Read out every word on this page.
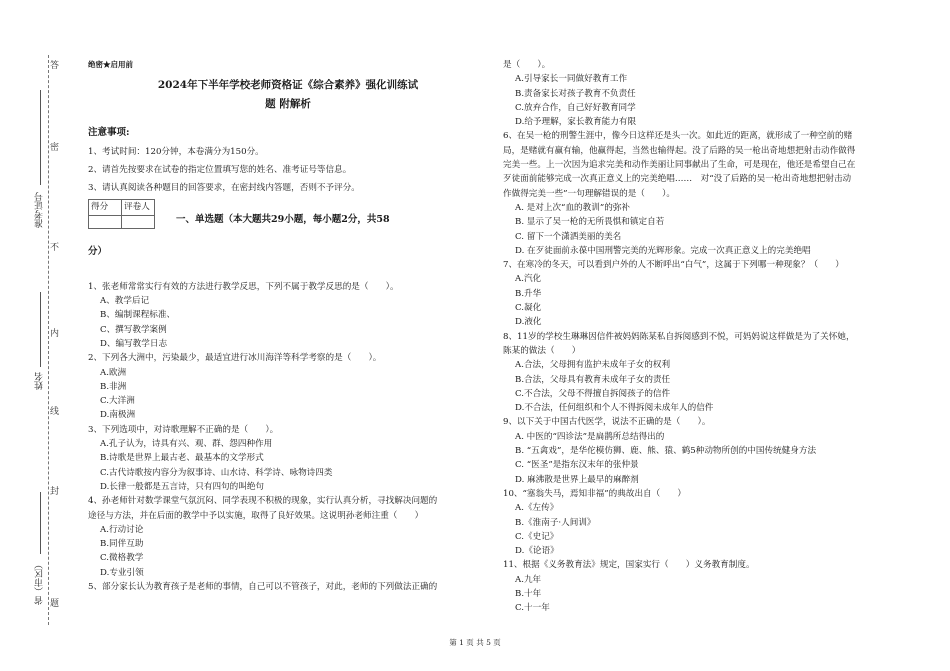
答
题
不
内
线
封
密
准考证号
姓名
省（市区）

绝密★启用前

2024年下半年学校老师资格证《综合素养》强化训练试
题 附解析

注意事项:

1、考试时间：120分钟，本卷满分为150分。

2、请首先按要求在试卷的指定位置填写您的姓名、准考证号等信息。

3、请认真阅读各种题目的回答要求，在密封线内答题，否则不予评分。

得分	评卷人

一、单选题（本大题共29小题，每小题2分，共58

分）

1、张老师常常实行有效的方法进行教学反思，下列不属于教学反思的是（　　）。

A、教学后记

B、编制课程标准、

C、撰写教学案例

D、编写教学日志

2、下列各大洲中，污染最少，最适宜进行冰川海洋等科学考察的是（　　）。

A.欧洲

B.非洲

C.大洋洲

D.南极洲

3、下列选项中，对诗歌理解不正确的是（　　）。

A.孔子认为，诗具有兴、观、群、怨四种作用

B.诗歌是世界上最古老、最基本的文学形式

C.古代诗歌按内容分为叙事诗、山水诗、科学诗、咏物诗四类

D.长律一般都是五言诗，只有四句的叫绝句

4、孙老师针对数学课堂气氛沉闷、同学表现不积极的现象，实行认真分析，寻找解决问题的

途径与方法，并在后面的教学中予以实施，取得了良好效果。这说明孙老师注重（　　）

A.行动讨论

B.同伴互助

C.微格教学

D.专业引领

5、部分家长认为教育孩子是老师的事情，自己可以不管孩子，对此，老师的下列做法正确的

是（　　）。

A.引导家长一同做好教育工作

B.责备家长对孩子教育不负责任

C.放弃合作，自己好好教育同学

D.给予理解，家长教育能力有限

6、在吴一枪的刑警生涯中，像今日这样还是头一次。如此近的距离，就形成了一种空前的赌

局，是赌就有赢有输，他赢得起，当然也输得起。没了后路的吴一枪出奇地想把射击动作做得

完美一些。上一次因为追求完美和动作美丽让同事献出了生命，可是现在，他还是希望自己在

歹徒面前能够完成一次真正意义上的完美绝唱……　对“没了后路的吴一枪出奇地想把射击动

作做得完美一些”一句理解错误的是（　　）。

A. 是对上次“血的教训”的弥补

B. 显示了吴一枪的无所畏惧和镇定自若

C. 留下一个潇洒美丽的美名

D. 在歹徒面前永葆中国刑警完美的光辉形象。完成一次真正意义上的完美绝唱

7、在寒冷的冬天，可以看到户外的人不断呼出“白气”，这属于下列哪一种现象？（　　）

A.汽化

B.升华

C.凝化

D.液化

8、11岁的学校生琳琳因信件被妈妈陈某私自拆阅感到不悦，可妈妈说这样做是为了关怀她，

陈某的做法（　　）

A.合法，父母拥有监护未成年子女的权利

B.合法，父母具有教育未成年子女的责任

C.不合法，父母不得擅自拆阅孩子的信件

D.不合法，任何组织和个人不得拆阅未成年人的信件

9、以下关于中国古代医学，说法不正确的是（　　）。

A. 中医的“四诊法”是扁鹊所总结得出的

B. “五禽戏”，是华佗模仿狮、鹿、熊、猿、鹤5种动物所创的中国传统健身方法

C. “医圣”是指东汉末年的张仲景

D. 麻沸散是世界上最早的麻醉剂

10、“塞翁失马，焉知非福”的典故出自（　　）

A.《左传》

B.《淮南子·人间训》

C.《史记》

D.《论语》

11、根据《义务教育法》规定，国家实行（　　）义务教育制度。

A.九年

B.十年

C.十一年

第 1 页 共 5 页
